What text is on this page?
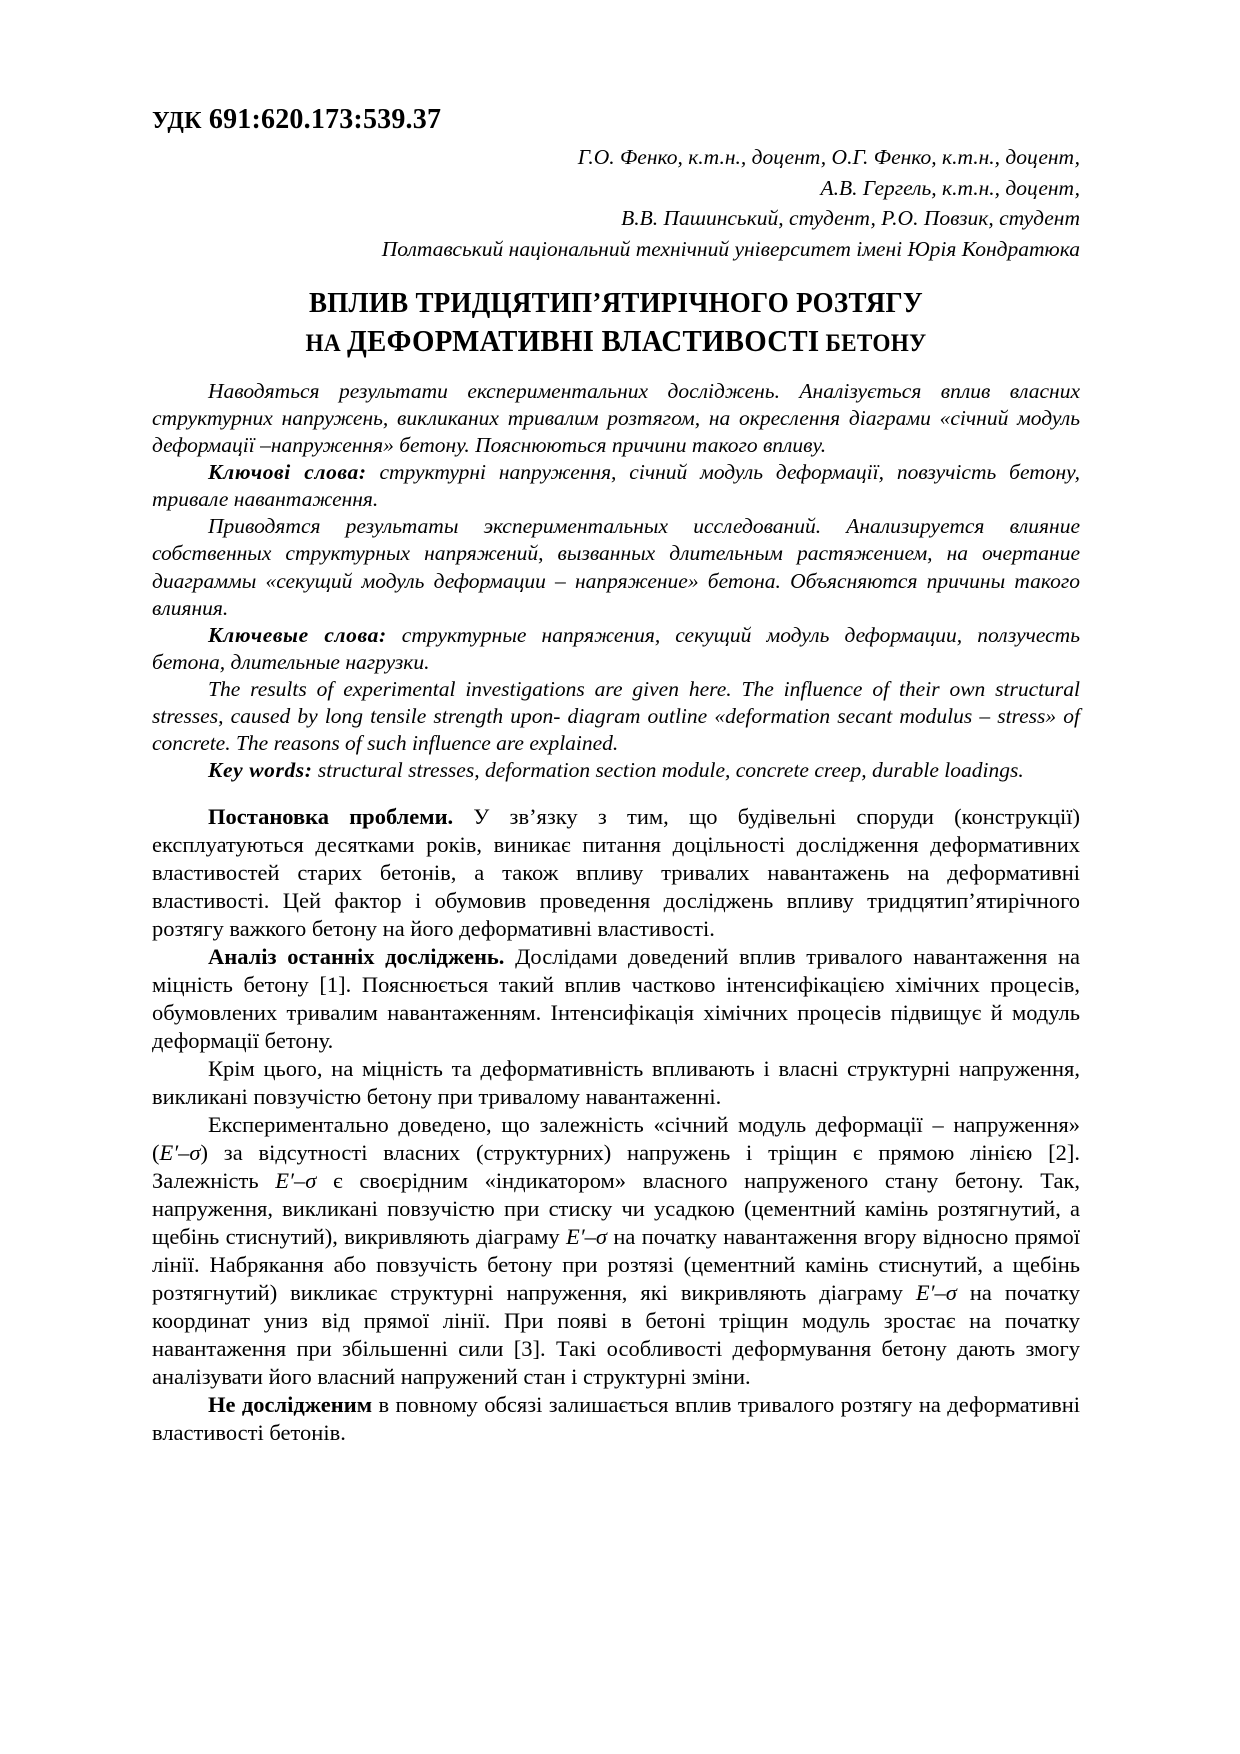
УДК 691:620.173:539.37
Г.О. Фенко, к.т.н., доцент, О.Г. Фенко, к.т.н., доцент,
А.В. Гергель, к.т.н., доцент,
В.В. Пашинський, студент, Р.О. Повзик, студент
Полтавський національний технічний університет імені Юрія Кондратюка
ВПЛИВ ТРИДЦЯТИП’ЯТИРІЧНОГО РОЗТЯГУ
НА ДЕФОРМАТИВНІ ВЛАСТИВОСТІ БЕТОНУ

Наводяться результати експериментальних досліджень. Аналізується вплив власних структурних напружень, викликаних тривалим розтягом, на окреслення діаграми «січний модуль деформації –напруження» бетону. Пояснюються причини такого впливу.

Ключові слова: структурні напруження, січний модуль деформації, повзучість бетону, тривале навантаження.

Приводятся результаты экспериментальных исследований. Анализируется влияние собственных структурных напряжений, вызванных длительным растяжением, на очертание диаграммы «секущий модуль деформации – напряжение» бетона. Объясняются причины такого влияния.

Ключевые слова: структурные напряжения, секущий модуль деформации, ползучесть бетона, длительные нагрузки.

The results of experimental investigations are given here. The influence of their own structural stresses, caused by long tensile strength upon- diagram outline «deformation secant modulus – stress» of concrete. The reasons of such influence are explained.

Key words: structural stresses, deformation section module, concrete creep, durable loadings.

Постановка проблеми. У зв’язку з тим, що будівельні споруди (конструкції) експлуатуються десятками років, виникає питання доцільності дослідження деформативних властивостей старих бетонів, а також впливу тривалих навантажень на деформативні властивості. Цей фактор і обумовив проведення досліджень впливу тридцятип’ятирічного розтягу важкого бетону на його деформативні властивості.

Аналіз останніх досліджень. Дослідами доведений вплив тривалого навантаження на міцність бетону [1]. Пояснюється такий вплив частково інтенсифікацією хімічних процесів, обумовлених тривалим навантаженням. Інтенсифікація хімічних процесів підвищує й модуль деформації бетону.

Крім цього, на міцність та деформативність впливають і власні структурні напруження, викликані повзучістю бетону при тривалому навантаженні.

Експериментально доведено, що залежність «січний модуль деформації – напруження» (E′–σ) за відсутності власних (структурних) напружень і тріщин є прямою лінією [2]. Залежність E′–σ є своєрідним «індикатором» власного напруженого стану бетону. Так, напруження, викликані повзучістю при стиску чи усадкою (цементний камінь розтягнутий, а щебінь стиснутий), викривляють діаграму E′–σ на початку навантаження вгору відносно прямої лінії. Набрякання або повзучість бетону при розтязі (цементний камінь стиснутий, а щебінь розтягнутий) викликає структурні напруження, які викривляють діаграму E′–σ на початку координат униз від прямої лінії. При появі в бетоні тріщин модуль зростає на початку навантаження при збільшенні сили [3]. Такі особливості деформування бетону дають змогу аналізувати його власний напружений стан і структурні зміни.

Не дослідженим в повному обсязі залишається вплив тривалого розтягу на деформативні властивості бетонів.
